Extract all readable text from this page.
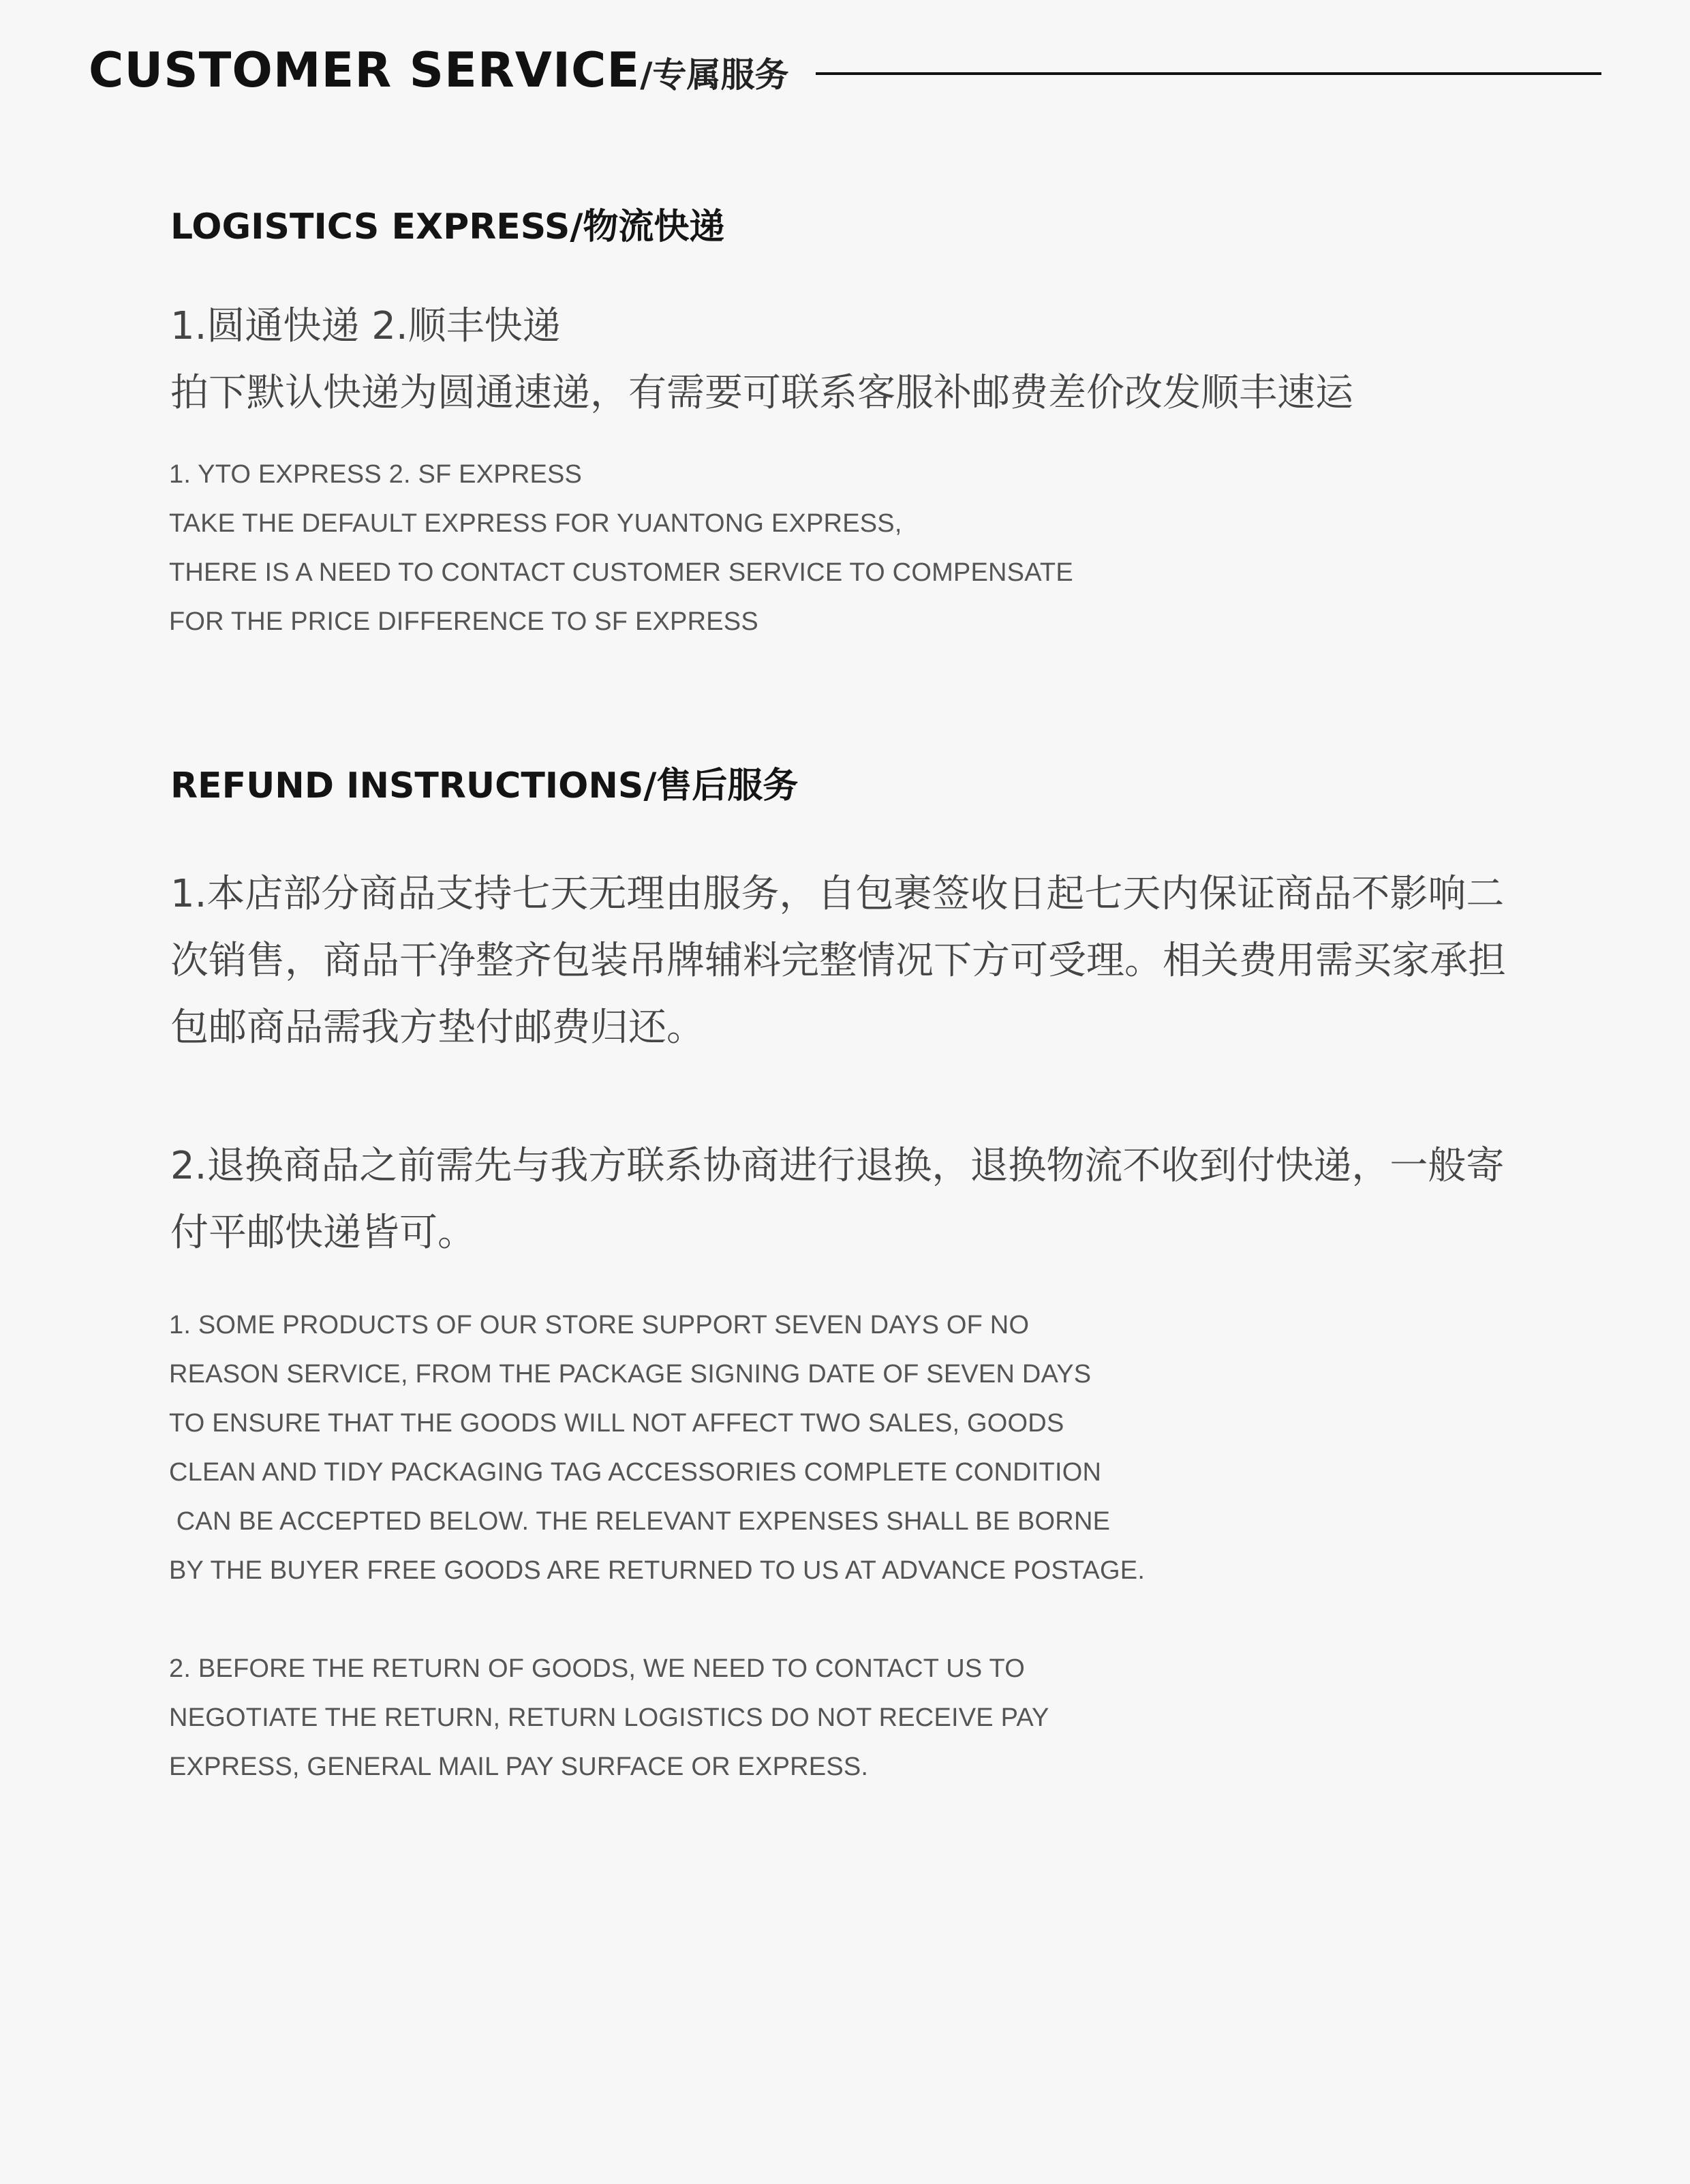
CUSTOMER SERVICE /专属服务
LOGISTICS EXPRESS/物流快递
1.圆通快递 2.顺丰快递
拍下默认快递为圆通速递，有需要可联系客服补邮费差价改发顺丰速运
1. YTO EXPRESS 2. SF EXPRESS
TAKE THE DEFAULT EXPRESS FOR YUANTONG EXPRESS,
THERE IS A NEED TO CONTACT CUSTOMER SERVICE TO COMPENSATE
FOR THE PRICE DIFFERENCE TO SF EXPRESS
REFUND INSTRUCTIONS/售后服务
1.本店部分商品支持七天无理由服务，自包裹签收日起七天内保证商品不影响二
次销售，商品干净整齐包装吊牌辅料完整情况下方可受理。相关费用需买家承担
包邮商品需我方垫付邮费归还。
2.退换商品之前需先与我方联系协商进行退换，退换物流不收到付快递，一般寄
付平邮快递皆可。
1. SOME PRODUCTS OF OUR STORE SUPPORT SEVEN DAYS OF NO
REASON SERVICE, FROM THE PACKAGE SIGNING DATE OF SEVEN DAYS
TO ENSURE THAT THE GOODS WILL NOT AFFECT TWO SALES, GOODS
CLEAN AND TIDY PACKAGING TAG ACCESSORIES COMPLETE CONDITION
CAN BE ACCEPTED BELOW. THE RELEVANT EXPENSES SHALL BE BORNE
BY THE BUYER FREE GOODS ARE RETURNED TO US AT ADVANCE POSTAGE.
2. BEFORE THE RETURN OF GOODS, WE NEED TO CONTACT US TO
NEGOTIATE THE RETURN, RETURN LOGISTICS DO NOT RECEIVE PAY
EXPRESS, GENERAL MAIL PAY SURFACE OR EXPRESS.
